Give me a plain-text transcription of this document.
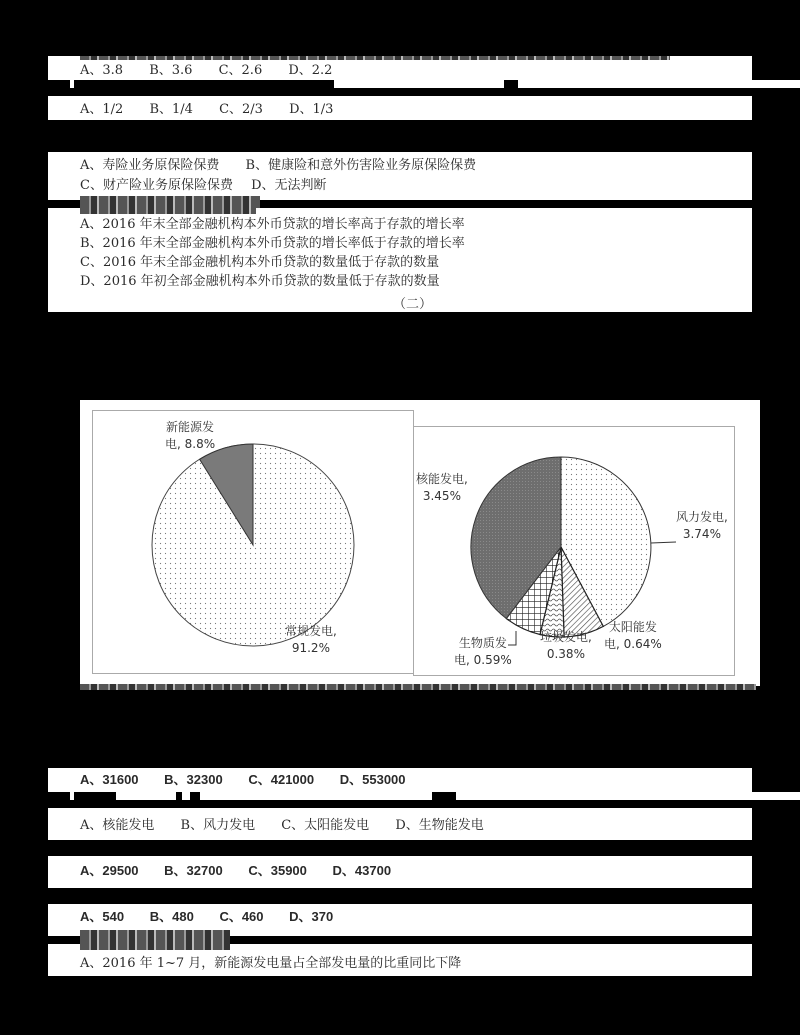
A、3.8 B、3.6 C、2.6 D、2.2
A、1/2 B、1/4 C、2/3 D、1/3
A、寿险业务原保险保费 B、健康险和意外伤害险业务原保险保费
C、财产险业务原保险保费 D、无法判断
A、2016 年末全部金融机构本外币贷款的增长率高于存款的增长率
B、2016 年末全部金融机构本外币贷款的增长率低于存款的增长率
C、2016 年末全部金融机构本外币贷款的数量低于存款的数量
D、2016 年初全部金融机构本外币贷款的数量低于存款的数量
（二）
新能源发
电, 8.8%
常规发电,
91.2%
核能发电,
3.45%
风力发电,
3.74%
太阳能发
电, 0.64%
垃圾发电,
0.38%
生物质发
电, 0.59%
A、31600 B、32300 C、421000 D、553000
A、核能发电 B、风力发电 C、太阳能发电 D、生物能发电
A、29500 B、32700 C、35900 D、43700
A、540 B、480 C、460 D、370
A、2016 年 1~7 月，新能源发电量占全部发电量的比重同比下降
